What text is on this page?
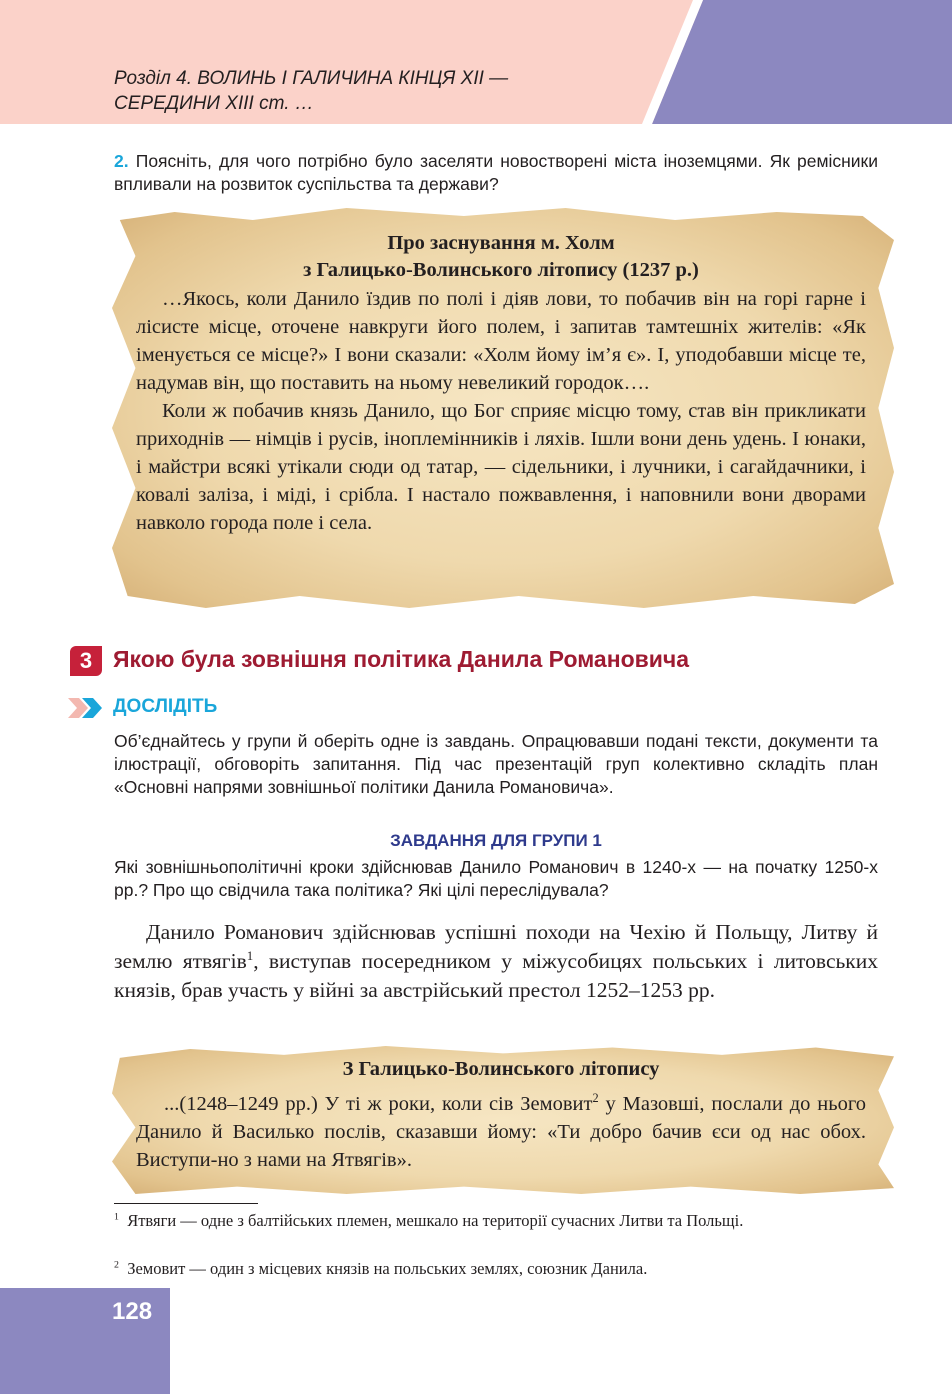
Розділ 4. ВОЛИНЬ І ГАЛИЧИНА КІНЦЯ ХІІ —
СЕРЕДИНИ ХІІІ ст. …
2. Поясніть, для чого потрібно було заселяти новостворені міста іноземцями. Як ремісники впливали на розвиток суспільства та держави?
Про заснування м. Холм
з Галицько-Волинського літопису (1237 р.)

…Якось, коли Данило їздив по полі і діяв лови, то побачив він на горі гарне і лісисте місце, оточене навкруги його полем, і запитав тамтешніх жителів: «Як іменується се місце?» І вони сказали: «Холм йому ім’я є». І, уподобавши місце те, надумав він, що поставить на ньому невеликий городок….

Коли ж побачив князь Данило, що Бог сприяє місцю тому, став він прикликати приходнів — німців і русів, іноплемінників і ляхів. Ішли вони день удень. І юнаки, і майстри всякі утікали сюди од татар, — сідельники, і лучники, і сагайдачники, і ковалі заліза, і міді, і срібла. І настало пожвавлення, і наповнили вони дворами навколо города поле і села.

3 Якою була зовнішня політика Данила Романовича
ДОСЛІДІТЬ
Об’єднайтесь у групи й оберіть одне із завдань. Опрацювавши подані тексти, документи та ілюстрації, обговоріть запитання. Під час презентацій груп колективно складіть план «Основні напрями зовнішньої політики Данила Романовича».
ЗАВДАННЯ ДЛЯ ГРУПИ 1
Які зовнішньополітичні кроки здійснював Данило Романович в 1240-х — на початку 1250-х рр.? Про що свідчила така політика? Які цілі переслідувала?
Данило Романович здійснював успішні походи на Чехію й Польщу, Литву й землю ятвягів$^1$, виступав посередником у міжусобицях польських і литовських князів, брав участь у війні за австрійський престол 1252–1253 рр.
З Галицько-Волинського літопису
...(1248–1249 рр.) У ті ж роки, коли сів Земовит$^2$ у Мазовші, послали до нього Данило й Василько послів, сказавши йому: «Ти добро бачив єси од нас обох. Виступи-но з нами на Ятвягів».
$^1$ Ятвяги — одне з балтійських племен, мешкало на території сучасних Литви та Польщі.
$^2$ Земовит — один з місцевих князів на польських землях, союзник Данила.
128
